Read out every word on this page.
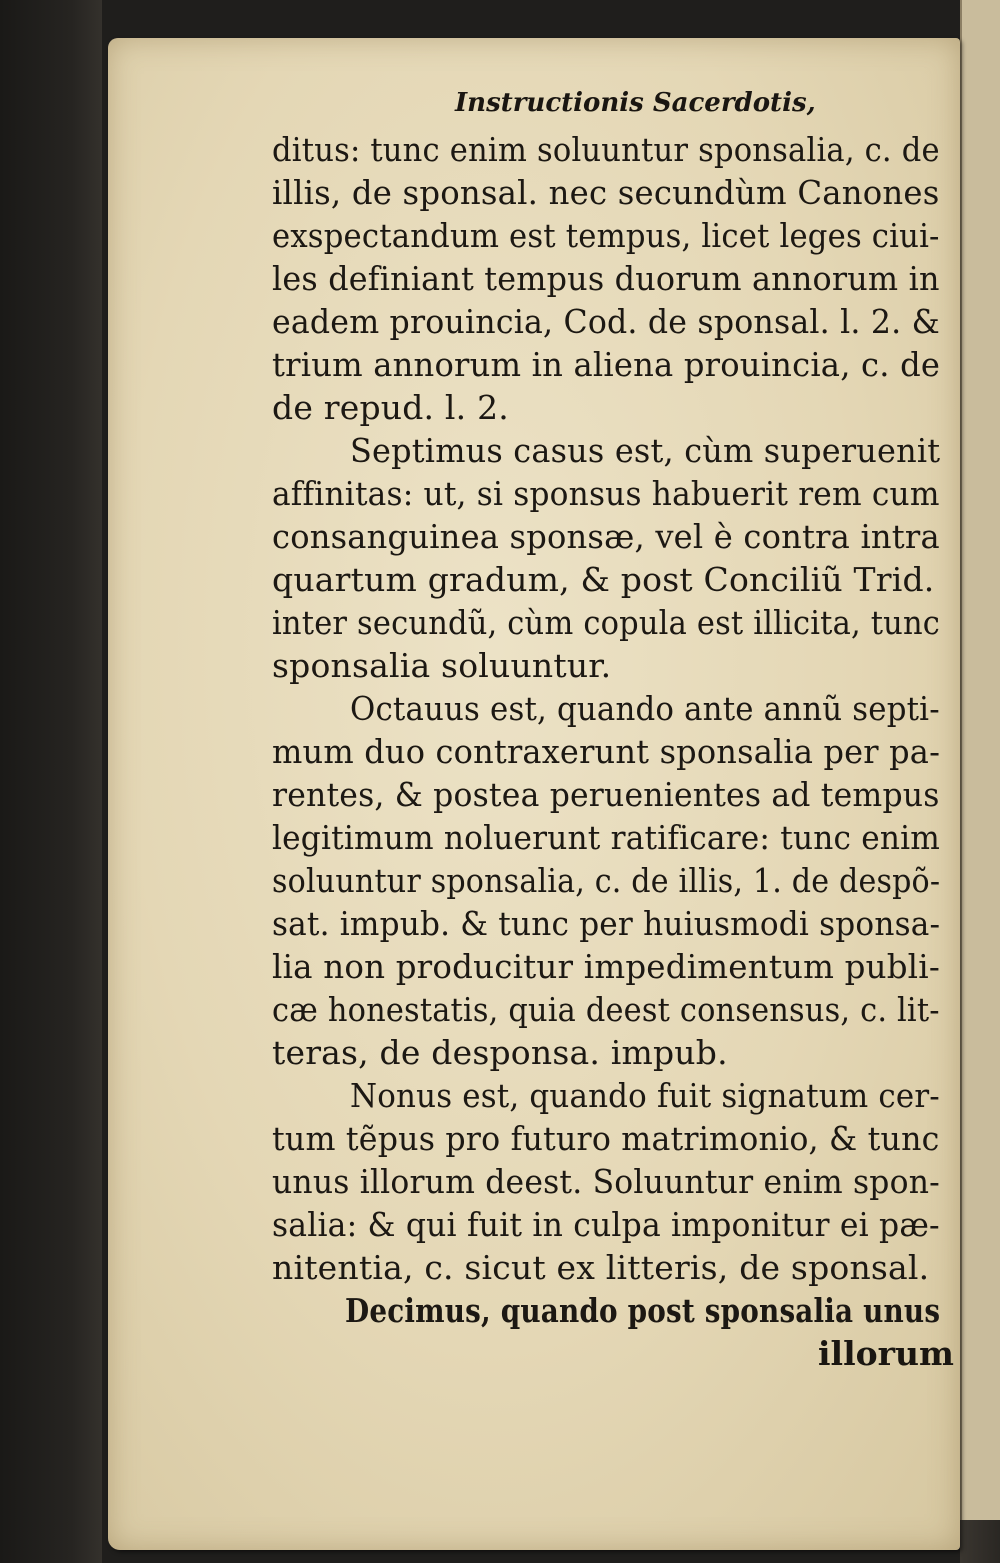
Instructionis Sacerdotis,
ditus: tunc enim soluuntur sponsalia, c. de
illis, de sponsal. nec secundùm Canones
exspectandum est tempus, licet leges ciui-
les definiant tempus duorum annorum in
eadem prouincia, Cod. de sponsal. l. 2. &
trium annorum in aliena prouincia, c. de
de repud. l. 2.
Septimus casus est, cùm superuenit
affinitas: ut, si sponsus habuerit rem cum
consanguinea sponsæ, vel è contra intra
quartum gradum, & post Conciliũ Trid.
inter secundũ, cùm copula est illicita, tunc
sponsalia soluuntur.
Octauus est, quando ante annũ septi-
mum duo contraxerunt sponsalia per pa-
rentes, & postea peruenientes ad tempus
legitimum noluerunt ratificare: tunc enim
soluuntur sponsalia, c. de illis, 1. de despõ-
sat. impub. & tunc per huiusmodi sponsa-
lia non producitur impedimentum publi-
cæ honestatis, quia deest consensus, c. lit-
teras, de desponsa. impub.
Nonus est, quando fuit signatum cer-
tum tẽpus pro futuro matrimonio, & tunc
unus illorum deest. Soluuntur enim spon-
salia: & qui fuit in culpa imponitur ei pæ-
nitentia, c. sicut ex litteris, de sponsal.
Decimus, quando post sponsalia unus
illorum
